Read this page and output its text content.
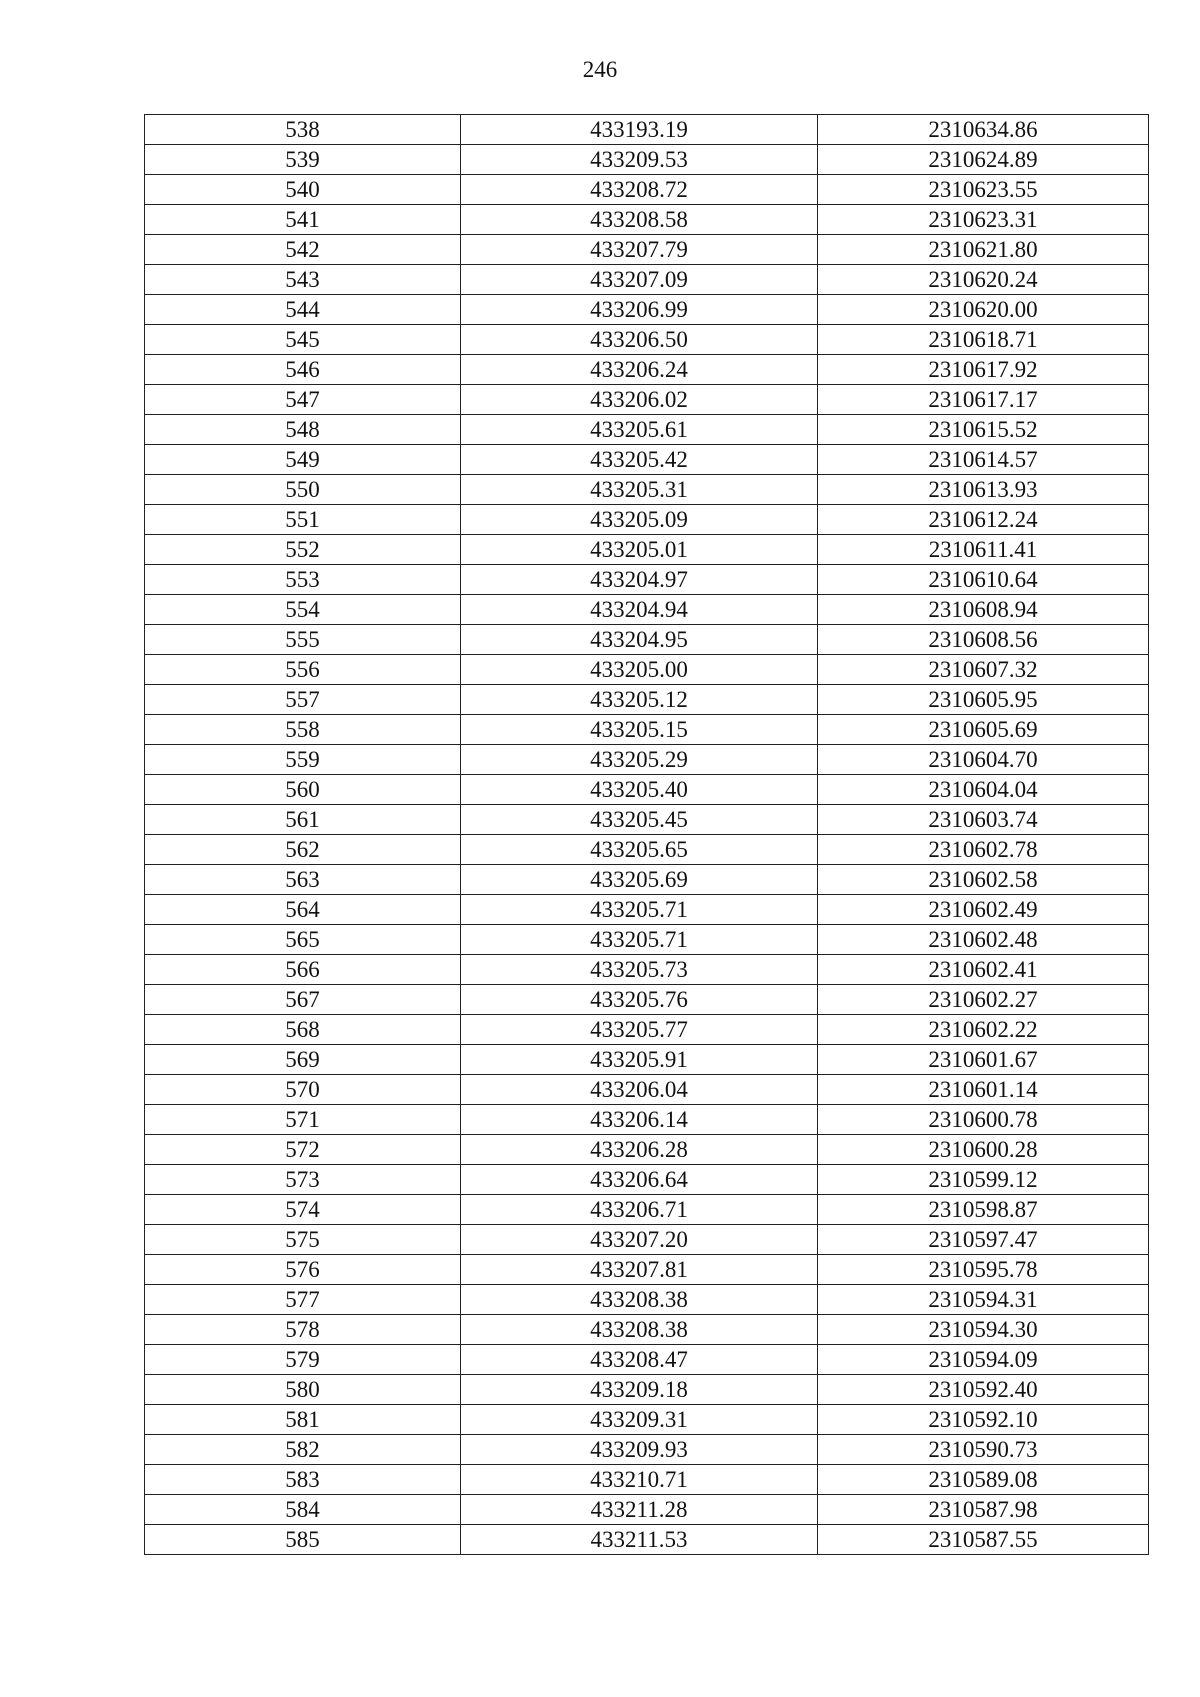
246
538	433193.19	2310634.86
539	433209.53	2310624.89
540	433208.72	2310623.55
541	433208.58	2310623.31
542	433207.79	2310621.80
543	433207.09	2310620.24
544	433206.99	2310620.00
545	433206.50	2310618.71
546	433206.24	2310617.92
547	433206.02	2310617.17
548	433205.61	2310615.52
549	433205.42	2310614.57
550	433205.31	2310613.93
551	433205.09	2310612.24
552	433205.01	2310611.41
553	433204.97	2310610.64
554	433204.94	2310608.94
555	433204.95	2310608.56
556	433205.00	2310607.32
557	433205.12	2310605.95
558	433205.15	2310605.69
559	433205.29	2310604.70
560	433205.40	2310604.04
561	433205.45	2310603.74
562	433205.65	2310602.78
563	433205.69	2310602.58
564	433205.71	2310602.49
565	433205.71	2310602.48
566	433205.73	2310602.41
567	433205.76	2310602.27
568	433205.77	2310602.22
569	433205.91	2310601.67
570	433206.04	2310601.14
571	433206.14	2310600.78
572	433206.28	2310600.28
573	433206.64	2310599.12
574	433206.71	2310598.87
575	433207.20	2310597.47
576	433207.81	2310595.78
577	433208.38	2310594.31
578	433208.38	2310594.30
579	433208.47	2310594.09
580	433209.18	2310592.40
581	433209.31	2310592.10
582	433209.93	2310590.73
583	433210.71	2310589.08
584	433211.28	2310587.98
585	433211.53	2310587.55
